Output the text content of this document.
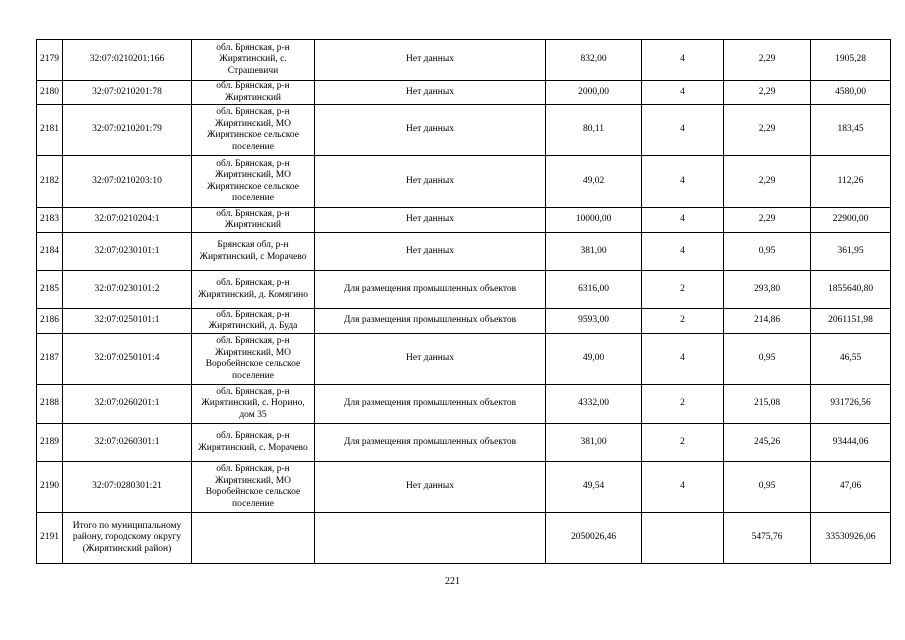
2179	32:07:0210201:166	обл. Брянская, р-н Жирятинский, с. Страшевичи	Нет данных	832,00	4	2,29	1905,28
2180	32:07:0210201:78	обл. Брянская, р-н Жирятинский	Нет данных	2000,00	4	2,29	4580,00
2181	32:07:0210201:79	обл. Брянская, р-н Жирятинский, МО Жирятинское сельское поселение	Нет данных	80,11	4	2,29	183,45
2182	32:07:0210203:10	обл. Брянская, р-н Жирятинский, МО Жирятинское сельское поселение	Нет данных	49,02	4	2,29	112,26
2183	32:07:0210204:1	обл. Брянская, р-н Жирятинский	Нет данных	10000,00	4	2,29	22900,00
2184	32:07:0230101:1	Брянская обл, р-н Жирятинский, с Морачево	Нет данных	381,00	4	0,95	361,95
2185	32:07:0230101:2	обл. Брянская, р-н Жирятинский, д. Комягино	Для размещения промышленных объектов	6316,00	2	293,80	1855640,80
2186	32:07:0250101:1	обл. Брянская, р-н Жирятинский, д. Буда	Для размещения промышленных объектов	9593,00	2	214,86	2061151,98
2187	32:07:0250101:4	обл. Брянская, р-н Жирятинский, МО Воробейнское сельское поселение	Нет данных	49,00	4	0,95	46,55
2188	32:07:0260201:1	обл. Брянская, р-н Жирятинский, с. Норино, дом 35	Для размещения промышленных объектов	4332,00	2	215,08	931726,56
2189	32:07:0260301:1	обл. Брянская, р-н Жирятинский, с. Морачево	Для размещения промышленных объектов	381,00	2	245,26	93444,06
2190	32:07:0280301:21	обл. Брянская, р-н Жирятинский, МО Воробейнское сельское поселение	Нет данных	49,54	4	0,95	47,06
2191	Итого по муниципальному району, городскому округу (Жирятинский район)			2050026,46		5475,76	33530926,06
221
